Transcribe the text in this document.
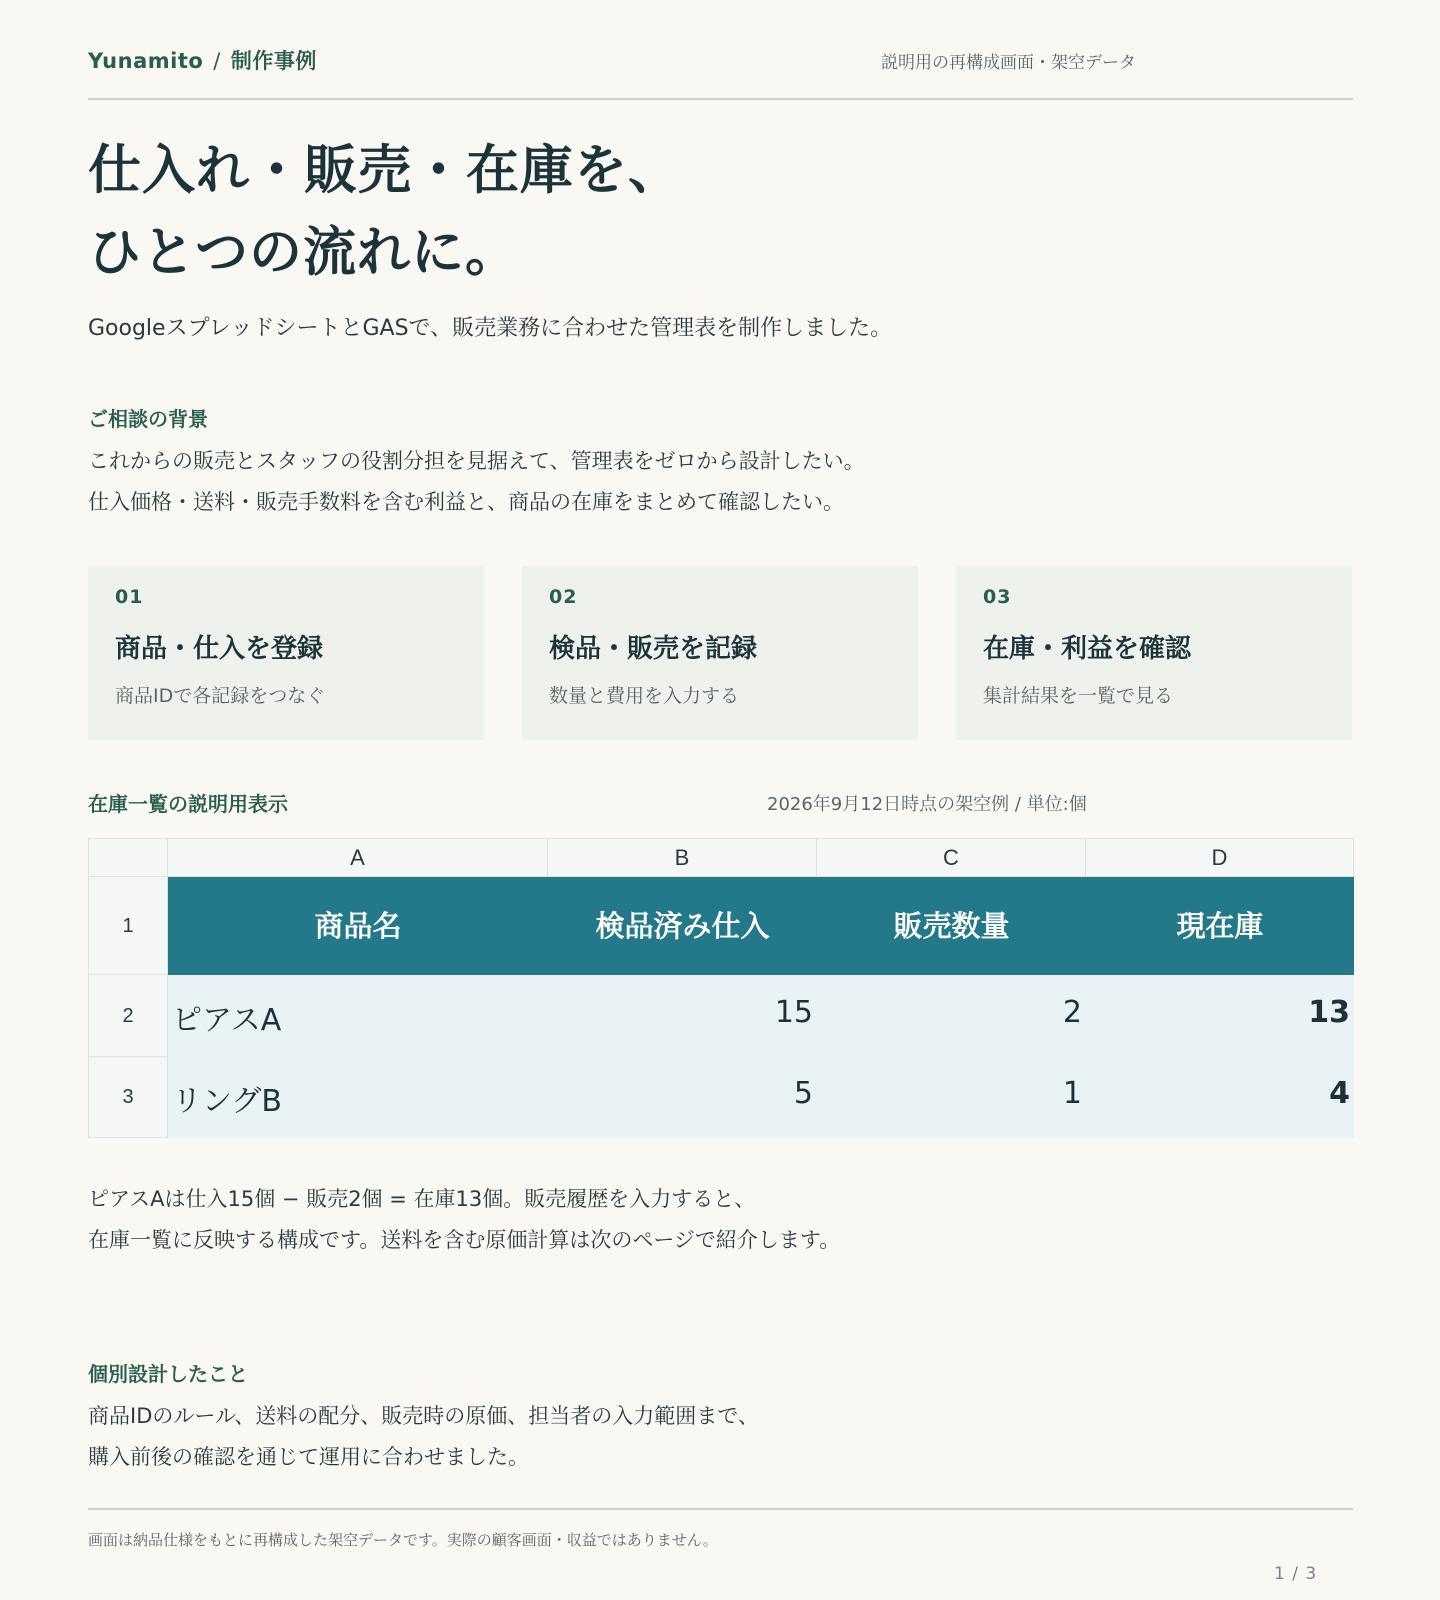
Yunamito / 制作事例	説明用の再構成画面・架空データ
仕入れ・販売・在庫を、
ひとつの流れに。
GoogleスプレッドシートとGASで、販売業務に合わせた管理表を制作しました。
ご相談の背景
これからの販売とスタッフの役割分担を見据えて、管理表をゼロから設計したい。
仕入価格・送料・販売手数料を含む利益と、商品の在庫をまとめて確認したい。
01
商品・仕入を登録
商品IDで各記録をつなぐ
02
検品・販売を記録
数量と費用を入力する
03
在庫・利益を確認
集計結果を一覧で見る
在庫一覧の説明用表示	2026年9月12日時点の架空例 / 単位:個
A	B	C	D
1
2
3
商品名	検品済み仕入	販売数量	現在庫
ピアスA	15	2	13
リングB	5	1	4
ピアスAは仕入15個 − 販売2個 = 在庫13個。販売履歴を入力すると、
在庫一覧に反映する構成です。送料を含む原価計算は次のページで紹介します。
個別設計したこと
商品IDのルール、送料の配分、販売時の原価、担当者の入力範囲まで、
購入前後の確認を通じて運用に合わせました。
画面は納品仕様をもとに再構成した架空データです。実際の顧客画面・収益ではありません。
1 / 3
